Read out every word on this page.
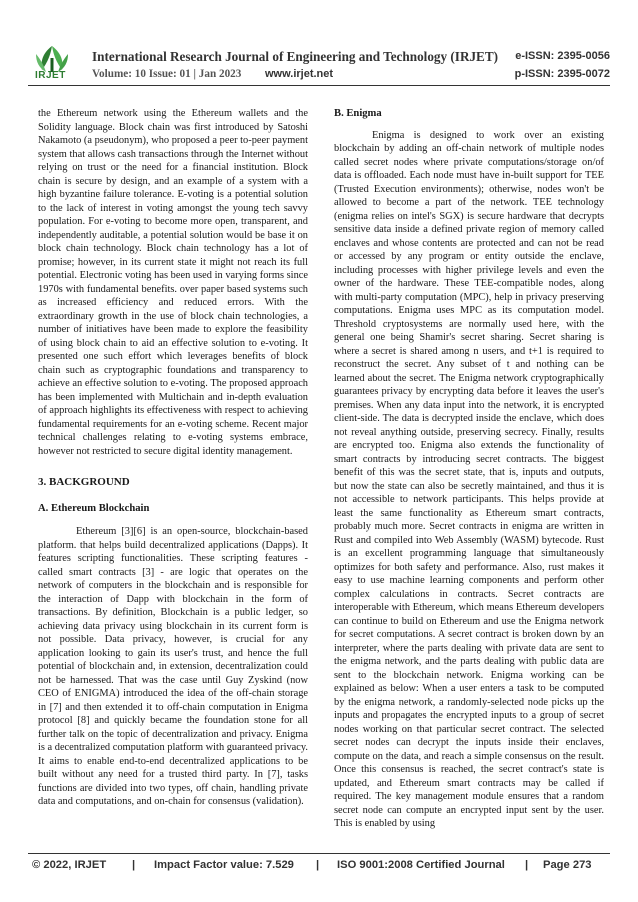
IRJET
International Research Journal of Engineering and Technology (IRJET)
Volume: 10 Issue: 01 | Jan 2023 www.irjet.net
e-ISSN: 2395-0056
p-ISSN: 2395-0072

the Ethereum network using the Ethereum wallets and the Solidity language. Block chain was first introduced by Satoshi Nakamoto (a pseudonym), who proposed a peer to-peer payment system that allows cash transactions through the Internet without relying on trust or the need for a financial institution. Block chain is secure by design, and an example of a system with a high byzantine failure tolerance. E-voting is a potential solution to the lack of interest in voting amongst the young tech savvy population. For e-voting to become more open, transparent, and independently auditable, a potential solution would be base it on block chain technology. Block chain technology has a lot of promise; however, in its current state it might not reach its full potential. Electronic voting has been used in varying forms since 1970s with fundamental benefits. over paper based systems such as increased efficiency and reduced errors. With the extraordinary growth in the use of block chain technologies, a number of initiatives have been made to explore the feasibility of using block chain to aid an effective solution to e-voting. It presented one such effort which leverages benefits of block chain such as cryptographic foundations and transparency to achieve an effective solution to e-voting. The proposed approach has been implemented with Multichain and in-depth evaluation of approach highlights its effectiveness with respect to achieving fundamental requirements for an e-voting scheme. Recent major technical challenges relating to e-voting systems embrace, however not restricted to secure digital identity management.

3. BACKGROUND
A. Ethereum Blockchain

Ethereum [3][6] is an open-source, blockchain-based platform. that helps build decentralized applications (Dapps). It features scripting functionalities. These scripting features - called smart contracts [3] - are logic that operates on the network of computers in the blockchain and is responsible for the interaction of Dapp with blockchain in the form of transactions. By definition, Blockchain is a public ledger, so achieving data privacy using blockchain in its current form is not possible. Data privacy, however, is crucial for any application looking to gain its user's trust, and hence the full potential of blockchain and, in extension, decentralization could not be harnessed. That was the case until Guy Zyskind (now CEO of ENIGMA) introduced the idea of the off-chain storage in [7] and then extended it to off-chain computation in Enigma protocol [8] and quickly became the foundation stone for all further talk on the topic of decentralization and privacy. Enigma is a decentralized computation platform with guaranteed privacy. It aims to enable end-to-end decentralized applications to be built without any need for a trusted third party. In [7], tasks functions are divided into two types, off chain, handling private data and computations, and on-chain for consensus (validation).

B. Enigma

Enigma is designed to work over an existing blockchain by adding an off-chain network of multiple nodes called secret nodes where private computations/storage on/of data is offloaded. Each node must have in-built support for TEE (Trusted Execution environments); otherwise, nodes won't be allowed to become a part of the network. TEE technology (enigma relies on intel's SGX) is secure hardware that decrypts sensitive data inside a defined private region of memory called enclaves and whose contents are protected and can not be read or accessed by any program or entity outside the enclave, including processes with higher privilege levels and even the owner of the hardware. These TEE-compatible nodes, along with multi-party computation (MPC), help in privacy preserving computations. Enigma uses MPC as its computation model. Threshold cryptosystems are normally used here, with the general one being Shamir's secret sharing. Secret sharing is where a secret is shared among n users, and t+1 is required to reconstruct the secret. Any subset of t and nothing can be learned about the secret. The Enigma network cryptographically guarantees privacy by encrypting data before it leaves the user's premises. When any data input into the network, it is encrypted client-side. The data is decrypted inside the enclave, which does not reveal anything outside, preserving secrecy. Finally, results are encrypted too. Enigma also extends the functionality of smart contracts by introducing secret contracts. The biggest benefit of this was the secret state, that is, inputs and outputs, but now the state can also be secretly maintained, and thus it is not accessible to network participants. This helps provide at least the same functionality as Ethereum smart contracts, probably much more. Secret contracts in enigma are written in Rust and compiled into Web Assembly (WASM) bytecode. Rust is an excellent programming language that simultaneously optimizes for both safety and performance. Also, rust makes it easy to use machine learning components and perform other complex calculations in contracts. Secret contracts are interoperable with Ethereum, which means Ethereum developers can continue to build on Ethereum and use the Enigma network for secret computations. A secret contract is broken down by an interpreter, where the parts dealing with private data are sent to the enigma network, and the parts dealing with public data are sent to the blockchain network. Enigma working can be explained as below: When a user enters a task to be computed by the enigma network, a randomly-selected node picks up the inputs and propagates the encrypted inputs to a group of secret nodes working on that particular secret contract. The selected secret nodes can decrypt the inputs inside their enclaves, compute on the data, and reach a simple consensus on the result. Once this consensus is reached, the secret contract's state is updated, and Ethereum smart contracts may be called if required. The key management module ensures that a random secret node can compute an encrypted input sent by the user. This is enabled by using

© 2022, IRJET | Impact Factor value: 7.529 | ISO 9001:2008 Certified Journal | Page 273
